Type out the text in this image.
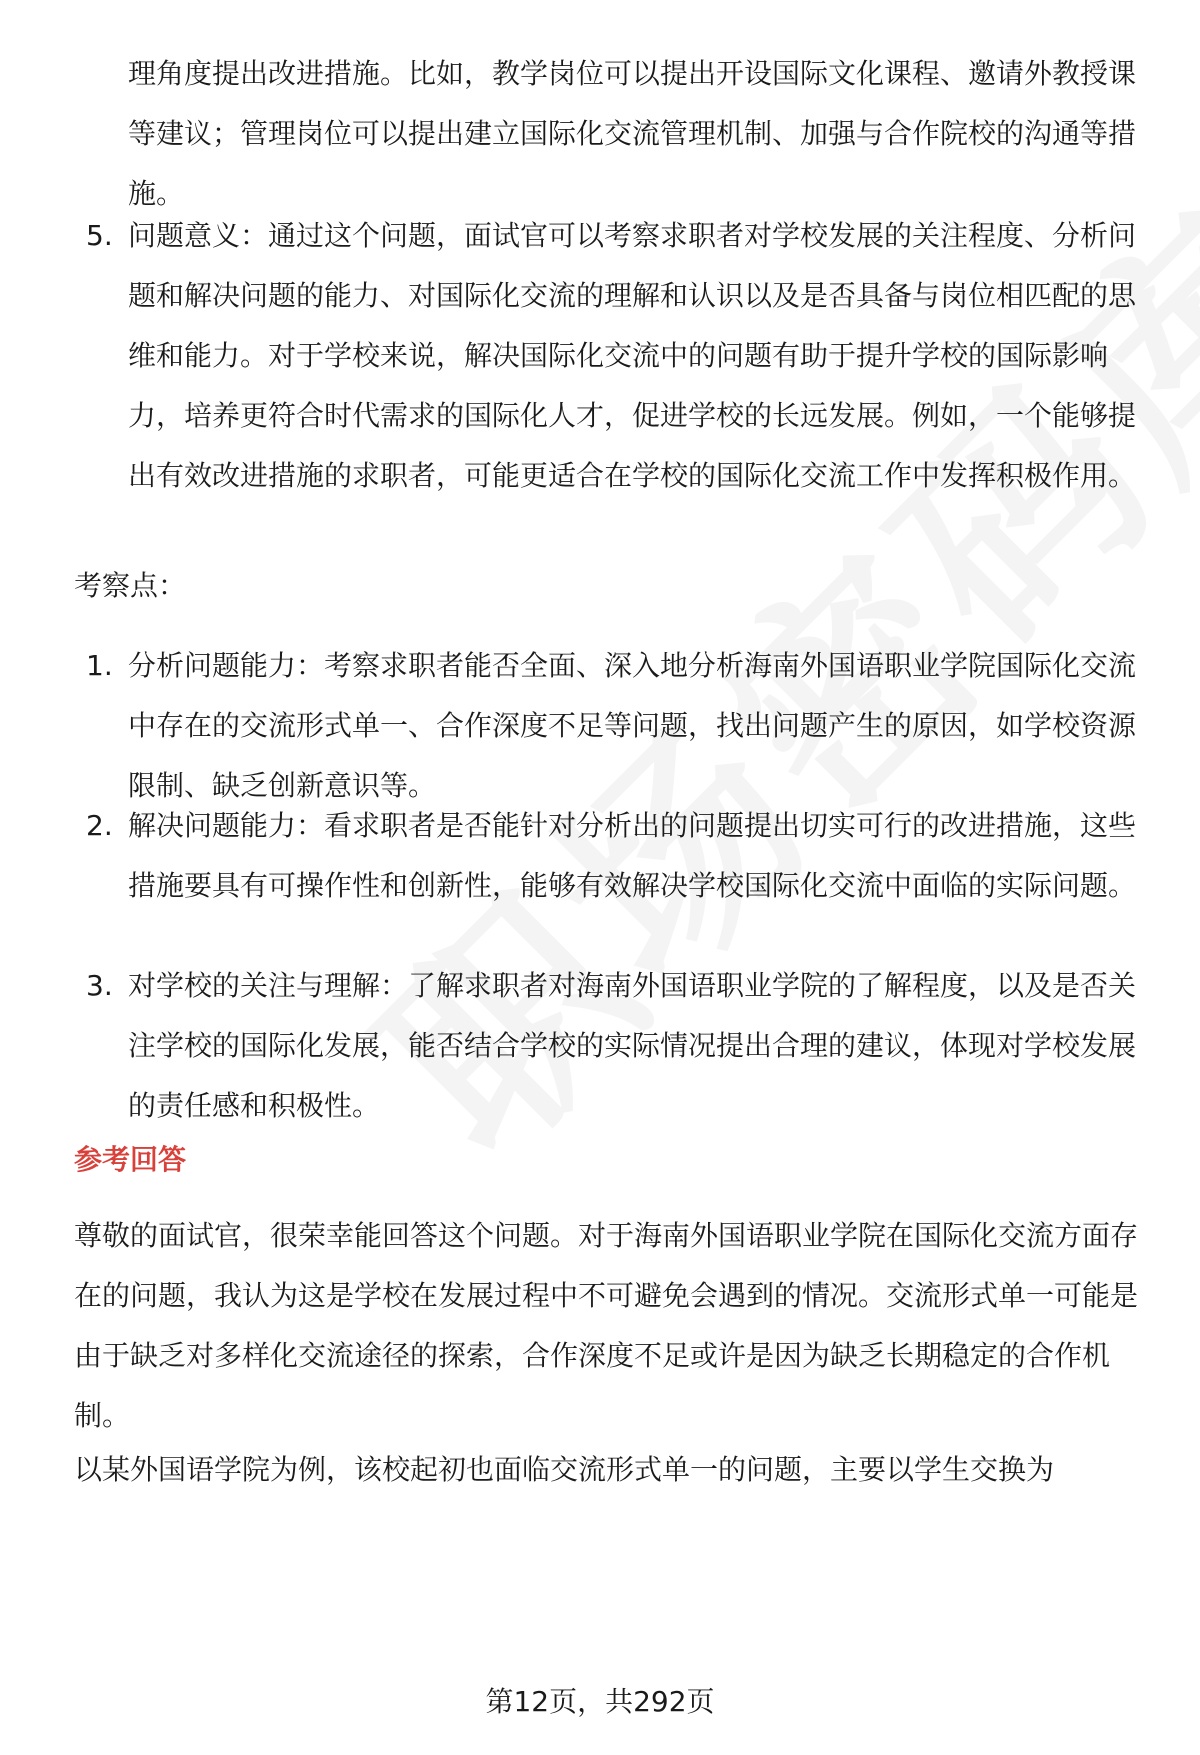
理角度提出改进措施。比如，教学岗位可以提出开设国际文化课程、邀请外教授课等建议；管理岗位可以提出建立国际化交流管理机制、加强与合作院校的沟通等措施。

5. 问题意义：通过这个问题，面试官可以考察求职者对学校发展的关注程度、分析问题和解决问题的能力、对国际化交流的理解和认识以及是否具备与岗位相匹配的思维和能力。对于学校来说，解决国际化交流中的问题有助于提升学校的国际影响力，培养更符合时代需求的国际化人才，促进学校的长远发展。例如，一个能够提出有效改进措施的求职者，可能更适合在学校的国际化交流工作中发挥积极作用。

考察点：

1. 分析问题能力：考察求职者能否全面、深入地分析海南外国语职业学院国际化交流中存在的交流形式单一、合作深度不足等问题，找出问题产生的原因，如学校资源限制、缺乏创新意识等。
2. 解决问题能力：看求职者是否能针对分析出的问题提出切实可行的改进措施，这些措施要具有可操作性和创新性，能够有效解决学校国际化交流中面临的实际问题。
3. 对学校的关注与理解：了解求职者对海南外国语职业学院的了解程度，以及是否关注学校的国际化发展，能否结合学校的实际情况提出合理的建议，体现对学校发展的责任感和积极性。
参考回答

尊敬的面试官，很荣幸能回答这个问题。对于海南外国语职业学院在国际化交流方面存在的问题，我认为这是学校在发展过程中不可避免会遇到的情况。交流形式单一可能是由于缺乏对多样化交流途径的探索，合作深度不足或许是因为缺乏长期稳定的合作机制。

以某外国语学院为例，该校起初也面临交流形式单一的问题，主要以学生交换为

第12页，共292页
